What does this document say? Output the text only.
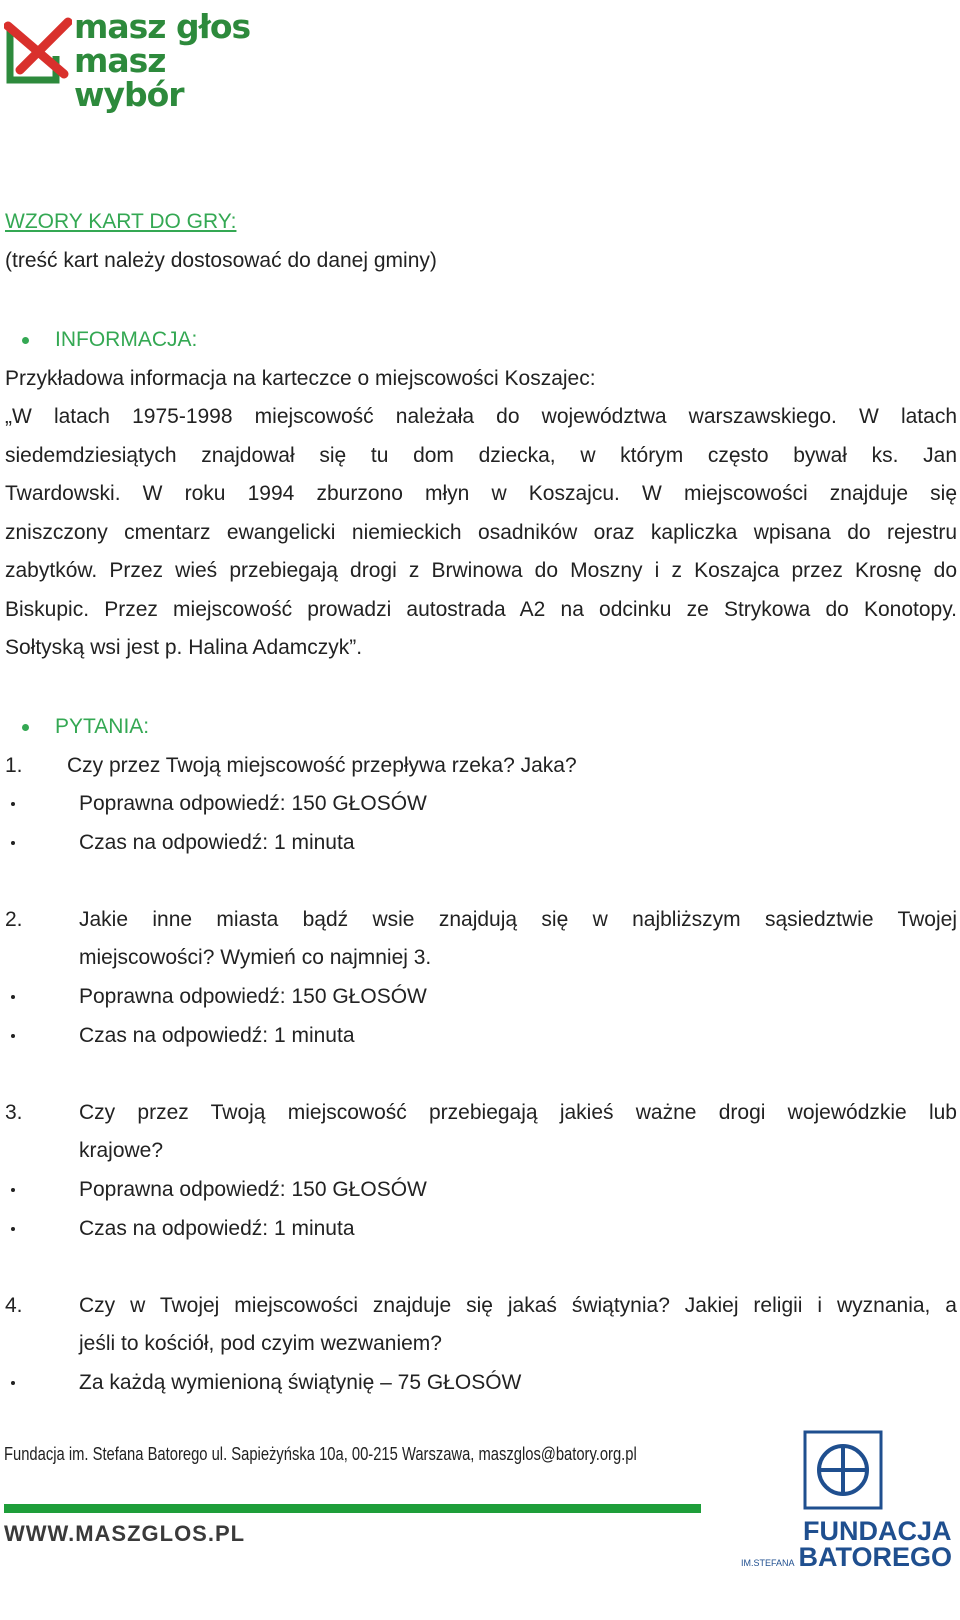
masz głos
masz wybór
WZORY KART DO GRY:
(treść kart należy dostosować do danej gminy)
INFORMACJA:
Przykładowa informacja na karteczce o miejscowości Koszajec:
„W latach 1975-1998 miejscowość należała do województwa warszawskiego. W latach
siedemdziesiątych znajdował się tu dom dziecka, w którym często bywał ks. Jan
Twardowski. W roku 1994 zburzono młyn w Koszajcu. W miejscowości znajduje się
zniszczony cmentarz ewangelicki niemieckich osadników oraz kapliczka wpisana do rejestru
zabytków. Przez wieś przebiegają drogi z Brwinowa do Moszny i z Koszajca przez Krosnę do
Biskupic. Przez miejscowość prowadzi autostrada A2 na odcinku ze Strykowa do Konotopy.
Sołtyską wsi jest p. Halina Adamczyk”.
PYTANIA:
1. Czy przez Twoją miejscowość przepływa rzeka? Jaka?
Poprawna odpowiedź: 150 GŁOSÓW
Czas na odpowiedź: 1 minuta
2.	Jakie inne miasta bądź wsie znajdują się w najbliższym sąsiedztwie Twojej
miejscowości? Wymień co najmniej 3.
Poprawna odpowiedź: 150 GŁOSÓW
Czas na odpowiedź: 1 minuta
3.	Czy przez Twoją miejscowość przebiegają jakieś ważne drogi wojewódzkie lub
krajowe?
Poprawna odpowiedź: 150 GŁOSÓW
Czas na odpowiedź: 1 minuta
4.	Czy w Twojej miejscowości znajduje się jakaś świątynia? Jakiej religii i wyznania, a
jeśli to kościół, pod czyim wezwaniem?
Za każdą wymienioną świątynię – 75 GŁOSÓW
Fundacja im. Stefana Batorego ul. Sapieżyńska 10a, 00-215 Warszawa, maszglos@batory.org.pl
WWW.MASZGLOS.PL	FUNDACJA
IM.STEFANA BATOREGO
